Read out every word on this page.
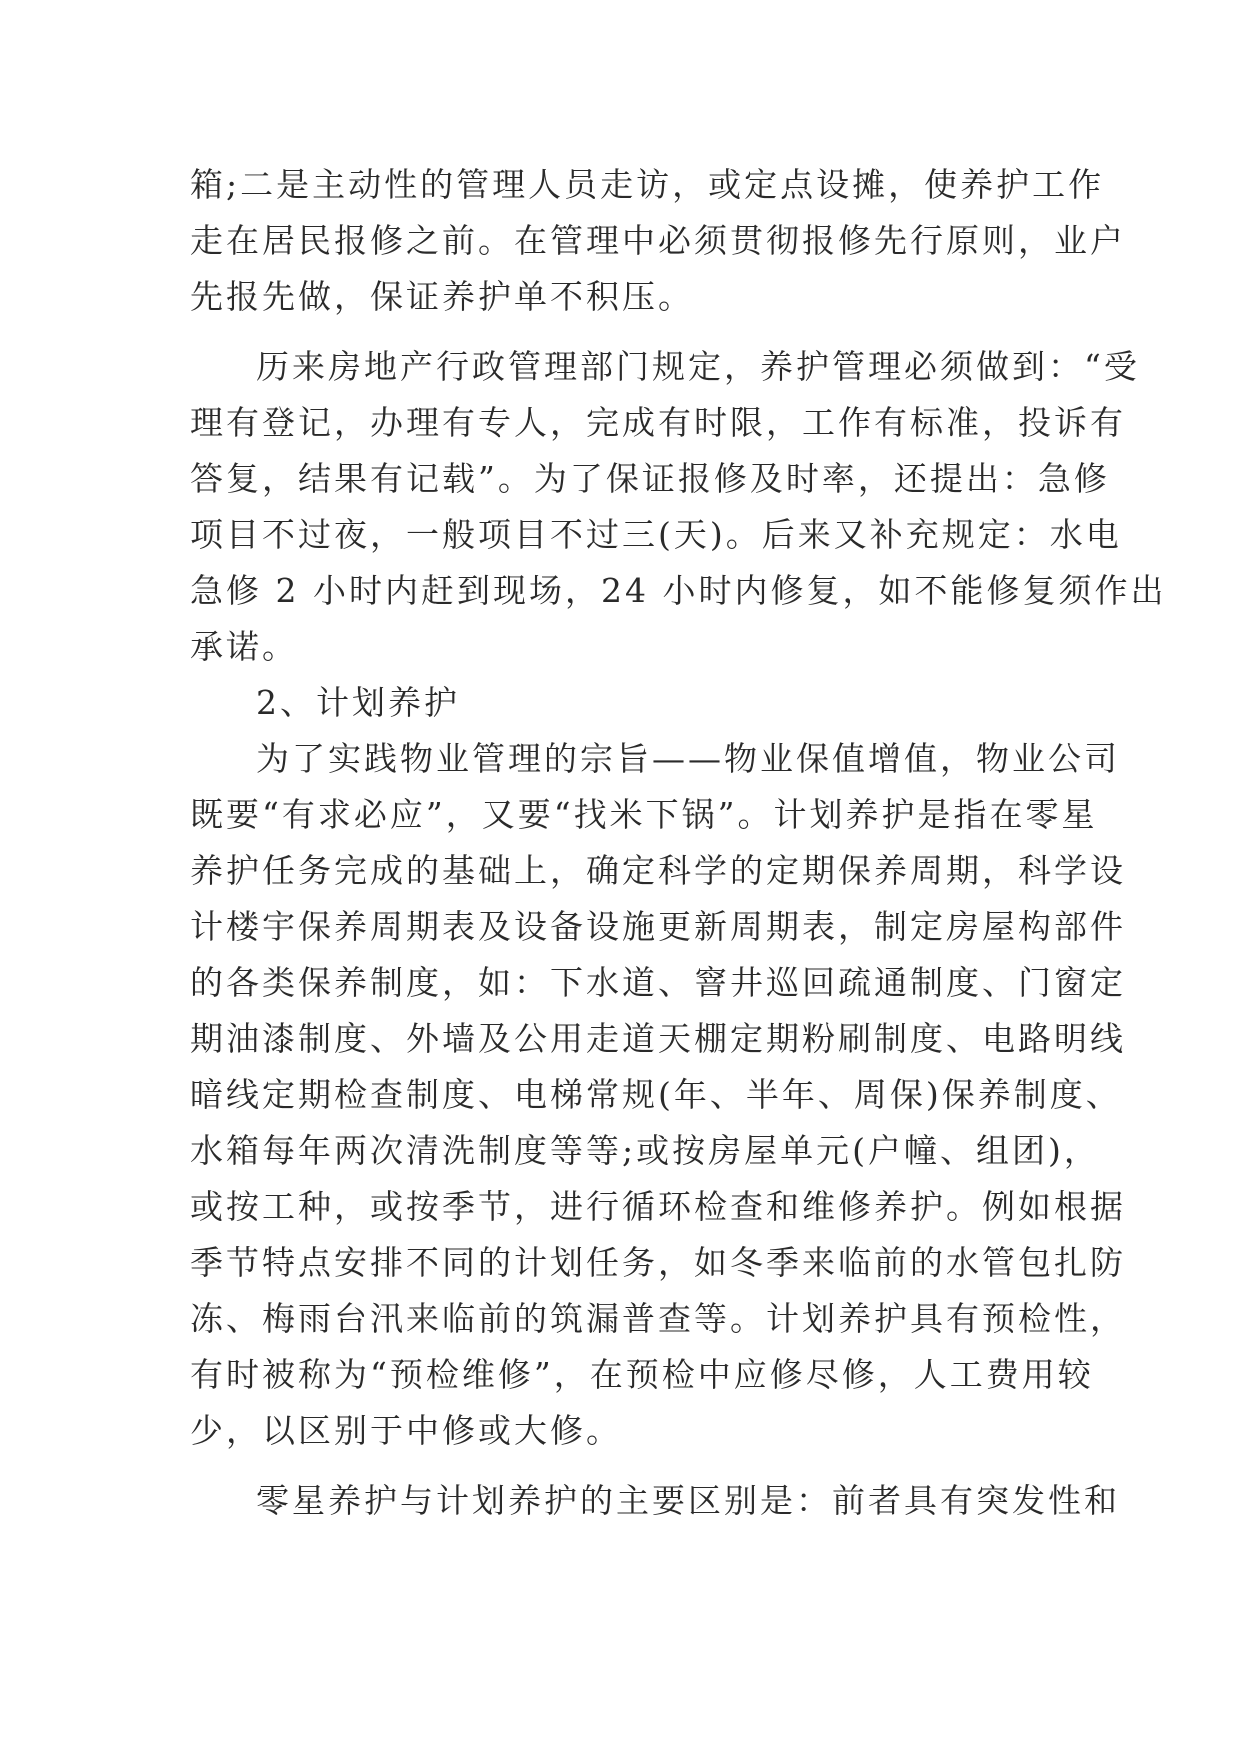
箱;二是主动性的管理人员走访，或定点设摊，使养护工作
走在居民报修之前。在管理中必须贯彻报修先行原则，业户
先报先做，保证养护单不积压。
历来房地产行政管理部门规定，养护管理必须做到：“受
理有登记，办理有专人，完成有时限，工作有标准，投诉有
答复，结果有记载”。为了保证报修及时率，还提出：急修
项目不过夜，一般项目不过三(天)。后来又补充规定：水电
急修 2 小时内赶到现场，24 小时内修复，如不能修复须作出
承诺。
2、计划养护
为了实践物业管理的宗旨——物业保值增值，物业公司
既要“有求必应”，又要“找米下锅”。计划养护是指在零星
养护任务完成的基础上，确定科学的定期保养周期，科学设
计楼宇保养周期表及设备设施更新周期表，制定房屋构部件
的各类保养制度，如：下水道、窨井巡回疏通制度、门窗定
期油漆制度、外墙及公用走道天棚定期粉刷制度、电路明线
暗线定期检查制度、电梯常规(年、半年、周保)保养制度、
水箱每年两次清洗制度等等;或按房屋单元(户幢、组团)，
或按工种，或按季节，进行循环检查和维修养护。例如根据
季节特点安排不同的计划任务，如冬季来临前的水管包扎防
冻、梅雨台汛来临前的筑漏普查等。计划养护具有预检性，
有时被称为“预检维修”，在预检中应修尽修，人工费用较
少，以区别于中修或大修。
零星养护与计划养护的主要区别是：前者具有突发性和
